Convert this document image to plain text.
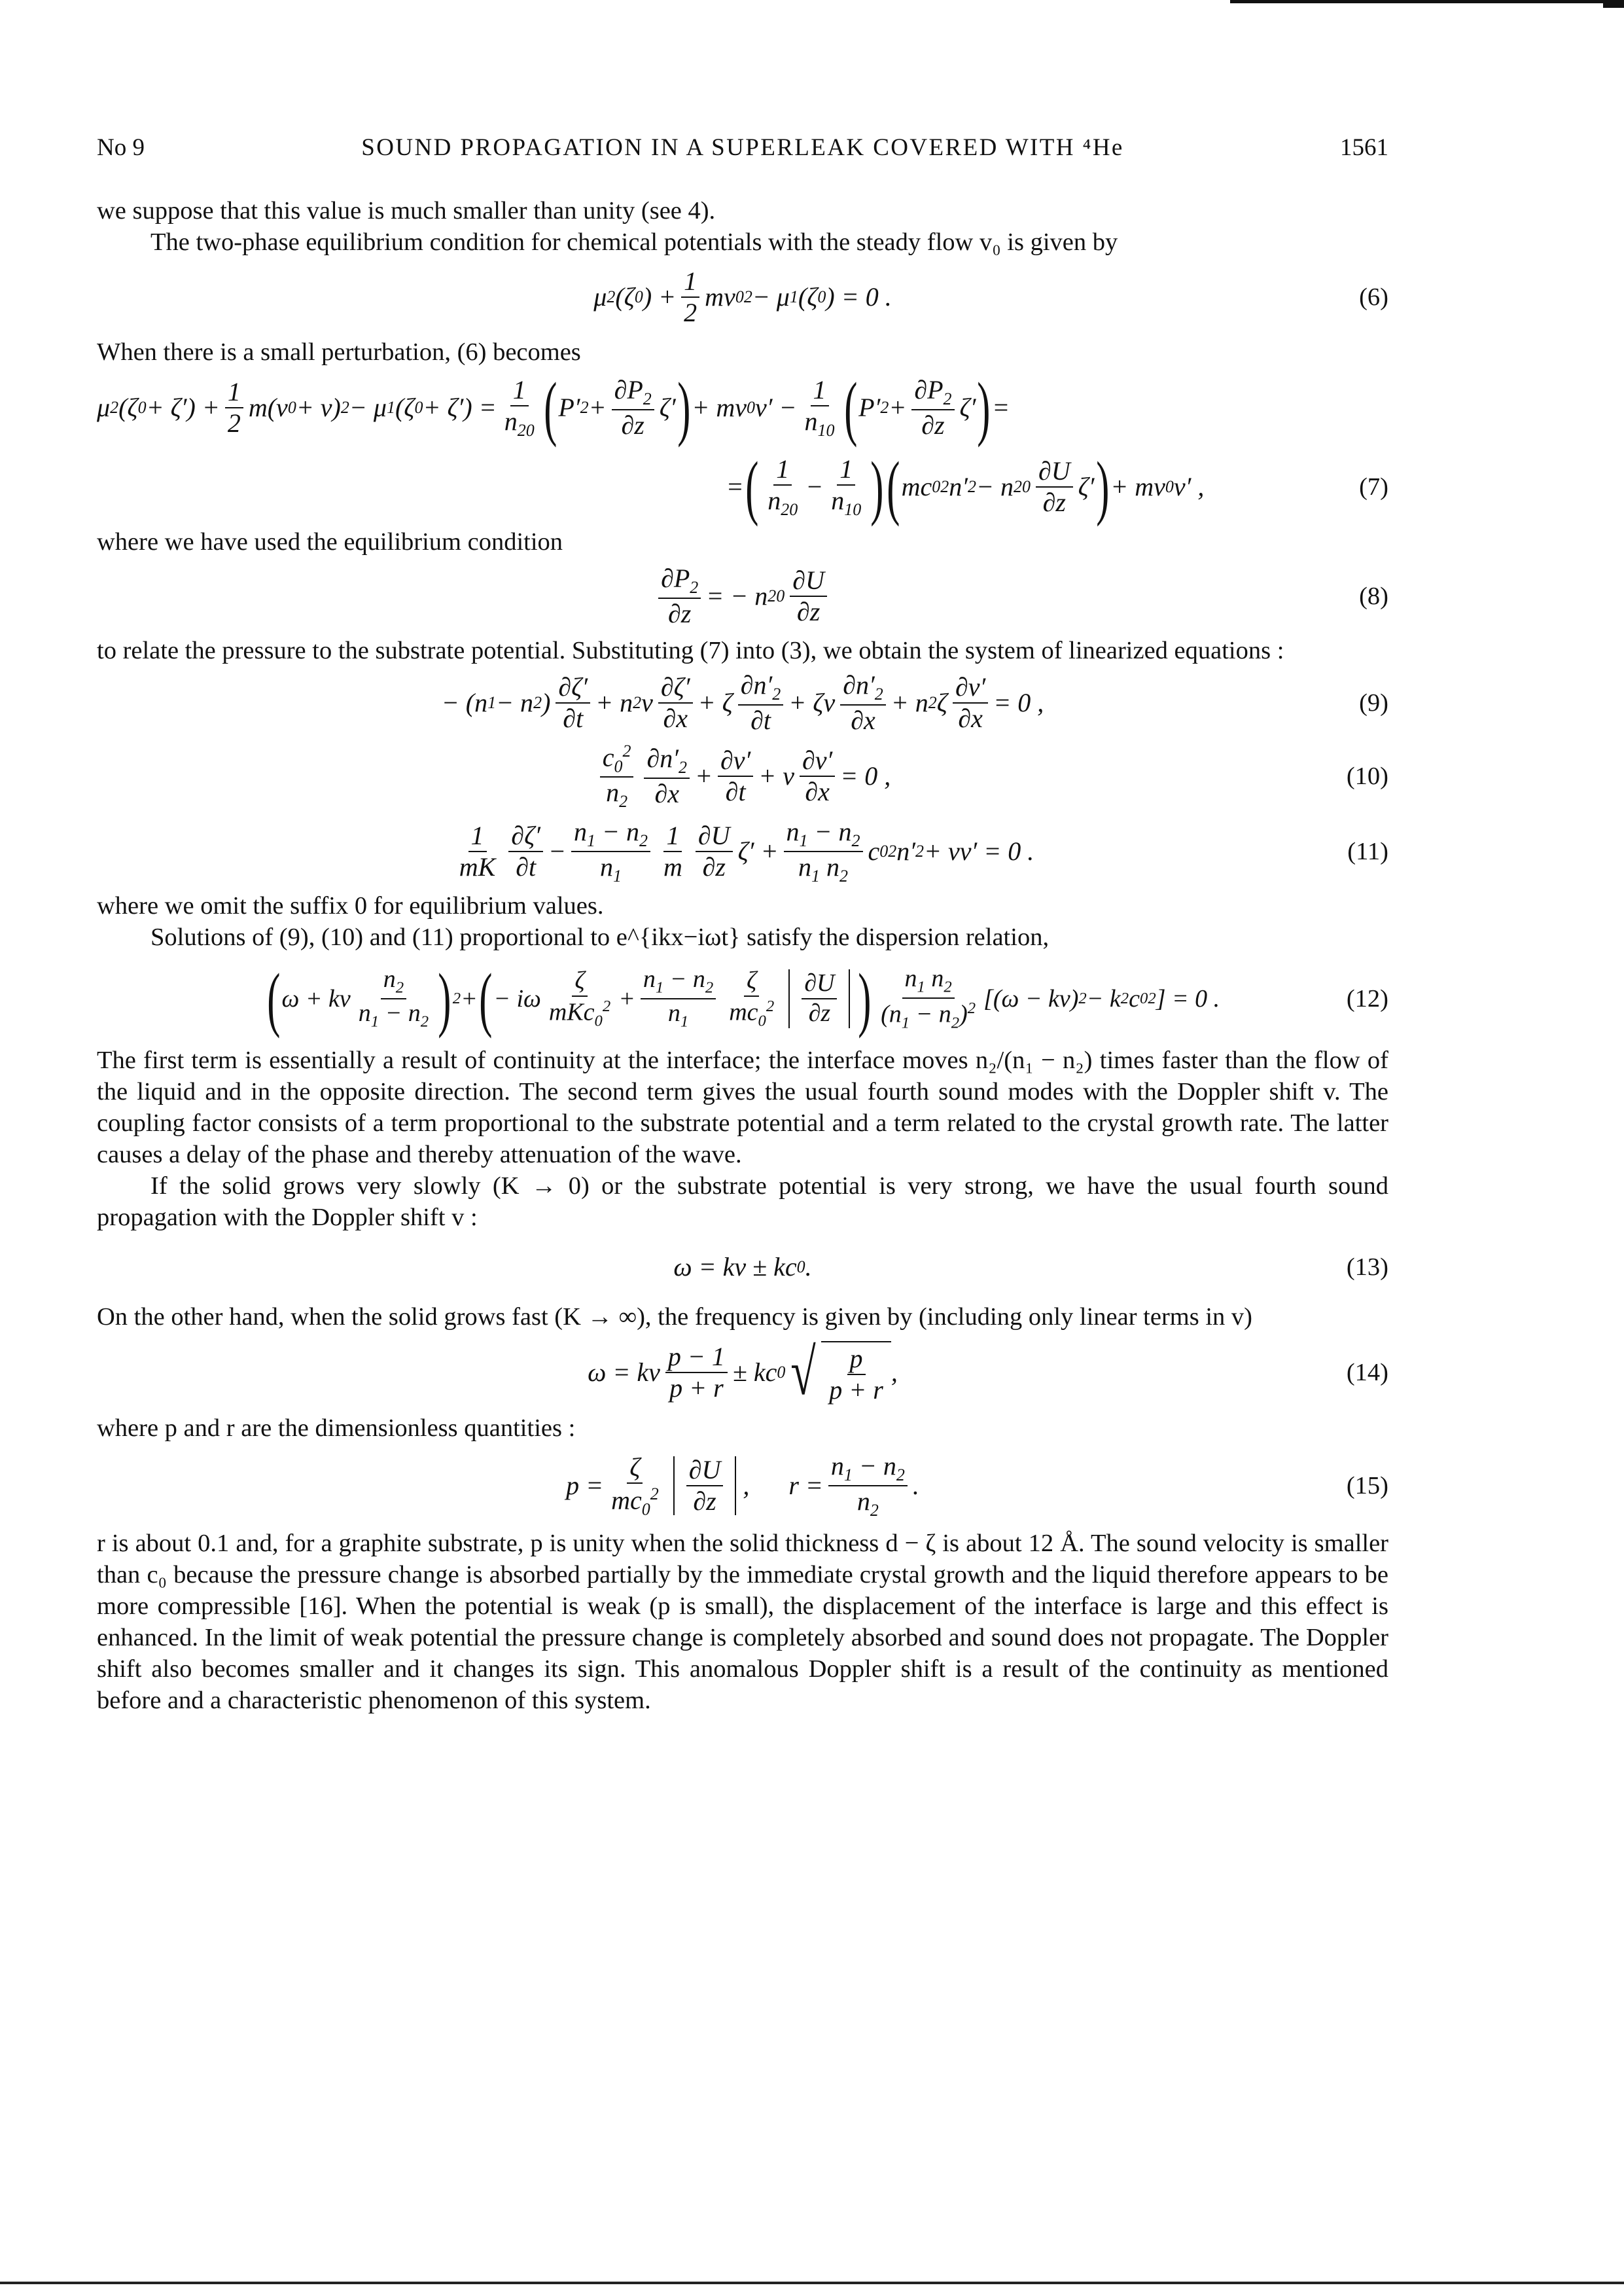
No 9	SOUND PROPAGATION IN A SUPERLEAK COVERED WITH ⁴He	1561

we suppose that this value is much smaller than unity (see 4).

The two-phase equilibrium condition for chemical potentials with the steady flow v₀ is given by

μ 2 (ζ 0 ) + $\frac{1}{2}$ mv 0 2 − μ 1 (ζ 0 ) = 0 .	(6)

When there is a small perturbation, (6) becomes

μ 2 (ζ $0 + \zeta') + \frac{1}{2} m(v$ 0 + v) 2 − μ 1 (ζ $0 + \zeta') = \frac{1}{n_{20}}$ ( P′ $2 + \frac{\partial P_2}{\partial z} \zeta'$ ) + mv 0 $v' - \frac{1}{n_{10}}$ ( P′ $2 + \frac{\partial P_2}{\partial z} \zeta'$ ) =
= ( $\frac{1}{n_{20}} - \frac{1}{n_{10}}$ ) ( mc 0 2 n′ 2 − n $20 \frac{\partial U}{\partial z} \zeta'$ ) + mv 0 v′ ,	(7)

where we have used the equilibrium condition

$\frac{\partial P_2}{\partial z}$ = − n $20 \frac{\partial U}{\partial z}$	(8)

to relate the pressure to the substrate potential. Substituting (7) into (3), we obtain the system of linearized equations :

− (n 1 − n 2 ) $\frac{\partial\zeta'}{\partial t} + n$ 2 v $\frac{\partial\zeta'}{\partial x} + \zeta \frac{\partial n'_2}{\partial t} + \zeta v \frac{\partial n'_2}{\partial x} + n$ 2 ζ $\frac{\partial v'}{\partial x} = 0$ ,	(9)
$\frac{c_0^2}{n_2} \frac{\partial n'_2}{\partial x} + \frac{\partial v'}{\partial t} + v \frac{\partial v'}{\partial x} = 0$ ,	(10)
$\frac{1}{mK} \frac{\partial\zeta'}{\partial t} - \frac{n_1 - n_2}{n_1} \frac{1}{m} \frac{\partial U}{\partial z} \zeta' + \frac{n_1 - n_2}{n_1 n_2}$ c 0 2 n′ 2 + vv′ = 0 .	(11)

where we omit the suffix 0 for equilibrium values.

Solutions of (9), (10) and (11) proportional to e^{ikx−iωt} satisfy the dispersion relation,

( ω + kv $\frac{n_2}{n_1 - n_2}$ ) 2 + ( − iω $\frac{\zeta}{mKc_0^2} + \frac{n_1 - n_2}{n_1} \frac{\zeta}{mc_0^2} \frac{\partial U}{\partial z}$ ) $\frac{n_1 n_2}{(n_1 - n_2)^2} [(\omega - kv) 2 - k$ 2 c 0 2 ] = 0 .	(12)

The first term is essentially a result of continuity at the interface; the interface moves n₂/(n₁ − n₂) times faster than the flow of the liquid and in the opposite direction. The second term gives the usual fourth sound modes with the Doppler shift v. The coupling factor consists of a term proportional to the substrate potential and a term related to the crystal growth rate. The latter causes a delay of the phase and thereby attenuation of the wave.

If the solid grows very slowly (K → 0) or the substrate potential is very strong, we have the usual fourth sound propagation with the Doppler shift v :

ω = kv ± kc 0 .	(13)

On the other hand, when the solid grows fast (K → ∞), the frequency is given by (including only linear terms in v)

ω = kv $\frac{p - 1}{p + r}$ ± kc 0 √ $\frac{p}{p + r}$ ,	(14)

where p and r are the dimensionless quantities :

$p = \frac{\zeta}{mc_0^2} \frac{\partial U}{\partial z}$ ,
$r = \frac{n_1 - n_2}{n_2}$ .	(15)

r is about 0.1 and, for a graphite substrate, p is unity when the solid thickness d − ζ is about 12 Å. The sound velocity is smaller than c₀ because the pressure change is absorbed partially by the immediate crystal growth and the liquid therefore appears to be more compressible [16]. When the potential is weak (p is small), the displacement of the interface is large and this effect is enhanced. In the limit of weak potential the pressure change is completely absorbed and sound does not propagate. The Doppler shift also becomes smaller and it changes its sign. This anomalous Doppler shift is a result of the continuity as mentioned before and a characteristic phenomenon of this system.
